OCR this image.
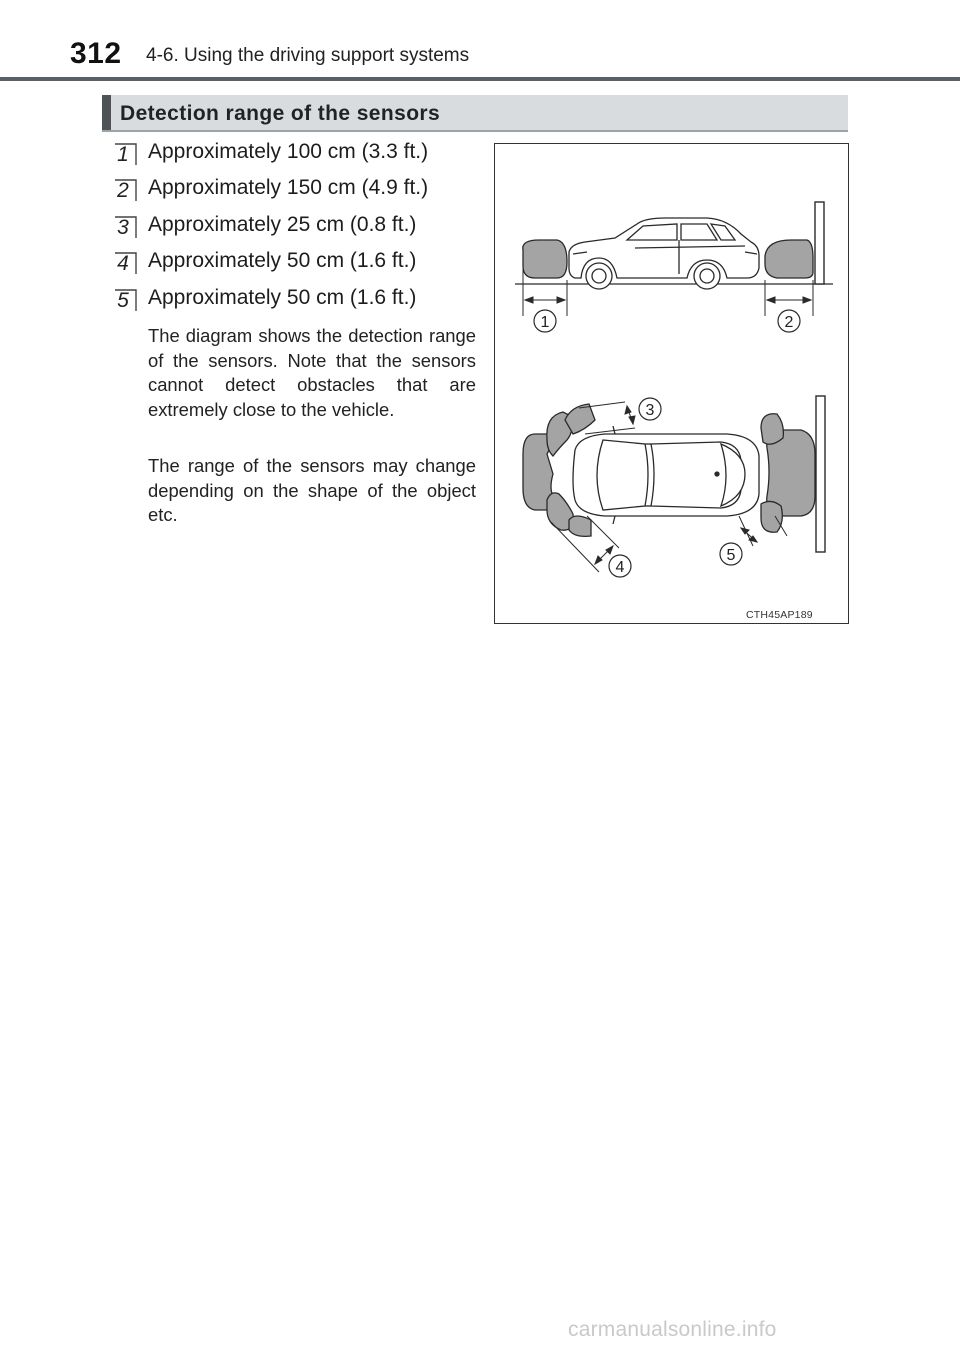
312 4-6. Using the driving support systems
Detection range of the sensors
1 Approximately 100 cm (3.3 ft.)
2 Approximately 150 cm (4.9 ft.)
3 Approximately 25 cm (0.8 ft.)
4 Approximately 50 cm (1.6 ft.)
5 Approximately 50 cm (1.6 ft.)

The diagram shows the detection range of the sensors. Note that the sensors cannot detect obstacles that are extremely close to the vehicle.

The range of the sensors may change depending on the shape of the object etc.

1	2
3
4
5
CTH45AP189
carmanualsonline.info
